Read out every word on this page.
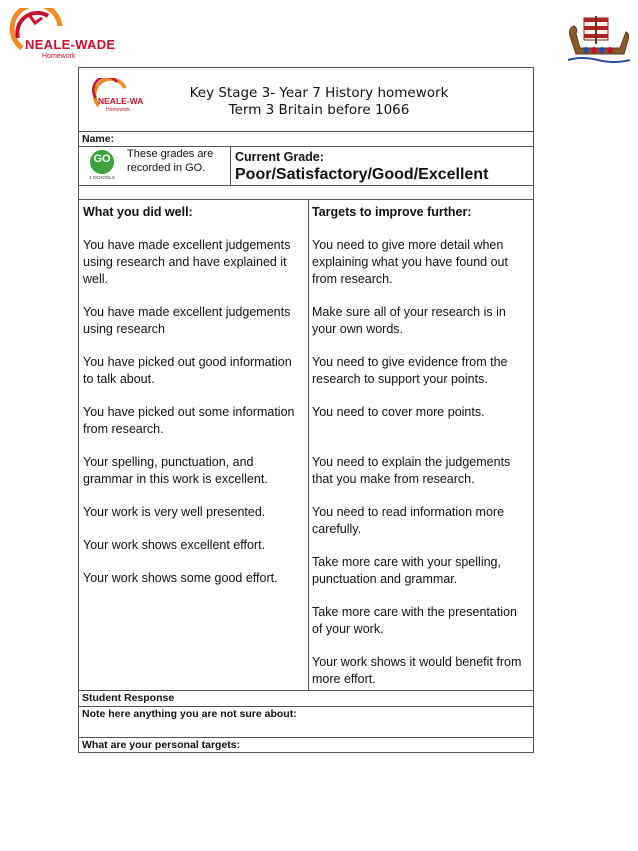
NEALE-WADE
Homework
NEALE-WA
Homework
Key Stage 3- Year 7 History homework
Term 3 Britain before 1066
Name:
GO
4 SCHOOLS
These grades are recorded in GO.
Current Grade:
Poor/Satisfactory/Good/Excellent
What you did well:

You have made excellent judgements using research and have explained it well.

You have made excellent judgements using research

You have picked out good information to talk about.

You have picked out some information from research.

Your spelling, punctuation, and grammar in this work is excellent.

Your work is very well presented.

Your work shows excellent effort.

Your work shows some good effort.

Targets to improve further:

You need to give more detail when explaining what you have found out from research.

Make sure all of your research is in your own words.

You need to give evidence from the research to support your points.

You need to cover more points.

You need to explain the judgements that you make from research.

You need to read information more carefully.

Take more care with your spelling, punctuation and grammar.

Take more care with the presentation of your work.

Your work shows it would benefit from more effort.

Student Response
Note here anything you are not sure about:
What are your personal targets:
